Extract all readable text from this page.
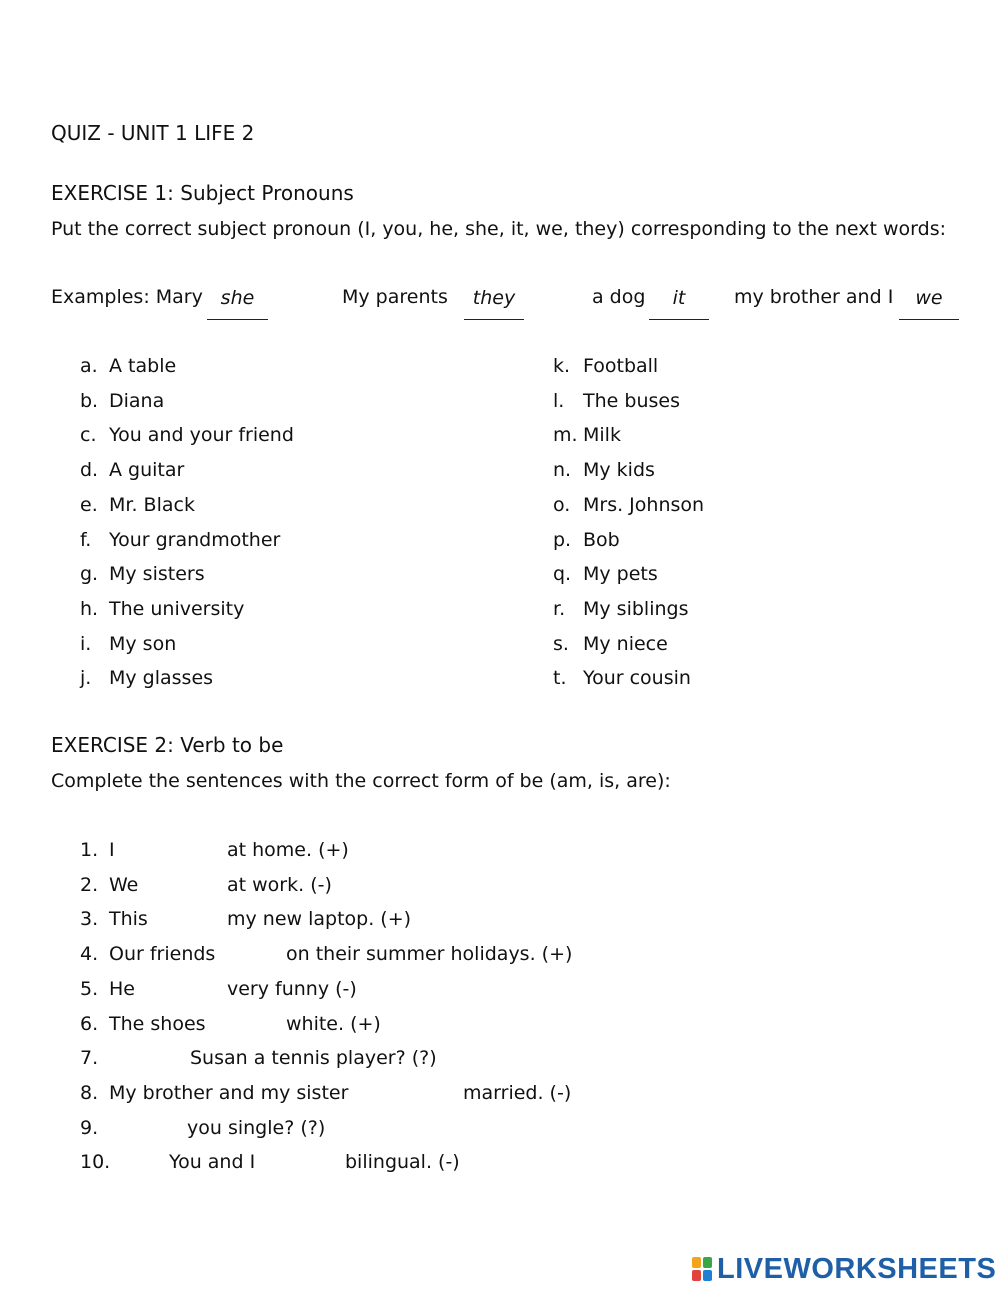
QUIZ - UNIT 1 LIFE 2
EXERCISE 1: Subject Pronouns
Put the correct subject pronoun (I, you, he, she, it, we, they) corresponding to the next words:
Examples: Mary she	My parents	they	a dog	it	my brother and I	we
a. A table
b. Diana
c. You and your friend
d. A guitar
e. Mr. Black
f. Your grandmother
g. My sisters
h. The university
i. My son
j. My glasses
k. Football
l. The buses
m. Milk
n. My kids
o. Mrs. Johnson
p. Bob
q. My pets
r. My siblings
s. My niece
t. Your cousin
EXERCISE 2: Verb to be
Complete the sentences with the correct form of be (am, is, are):
1. I	at home. (+)
2. We	at work. (-)
3. This	my new laptop. (+)
4. Our friends	on their summer holidays. (+)
5. He	very funny (-)
6. The shoes	white. (+)
7.	Susan a tennis player? (?)
8. My brother and my sister	married. (-)
9.	you single? (?)
10.	You and I	bilingual. (-)
LIVEWORKSHEETS
